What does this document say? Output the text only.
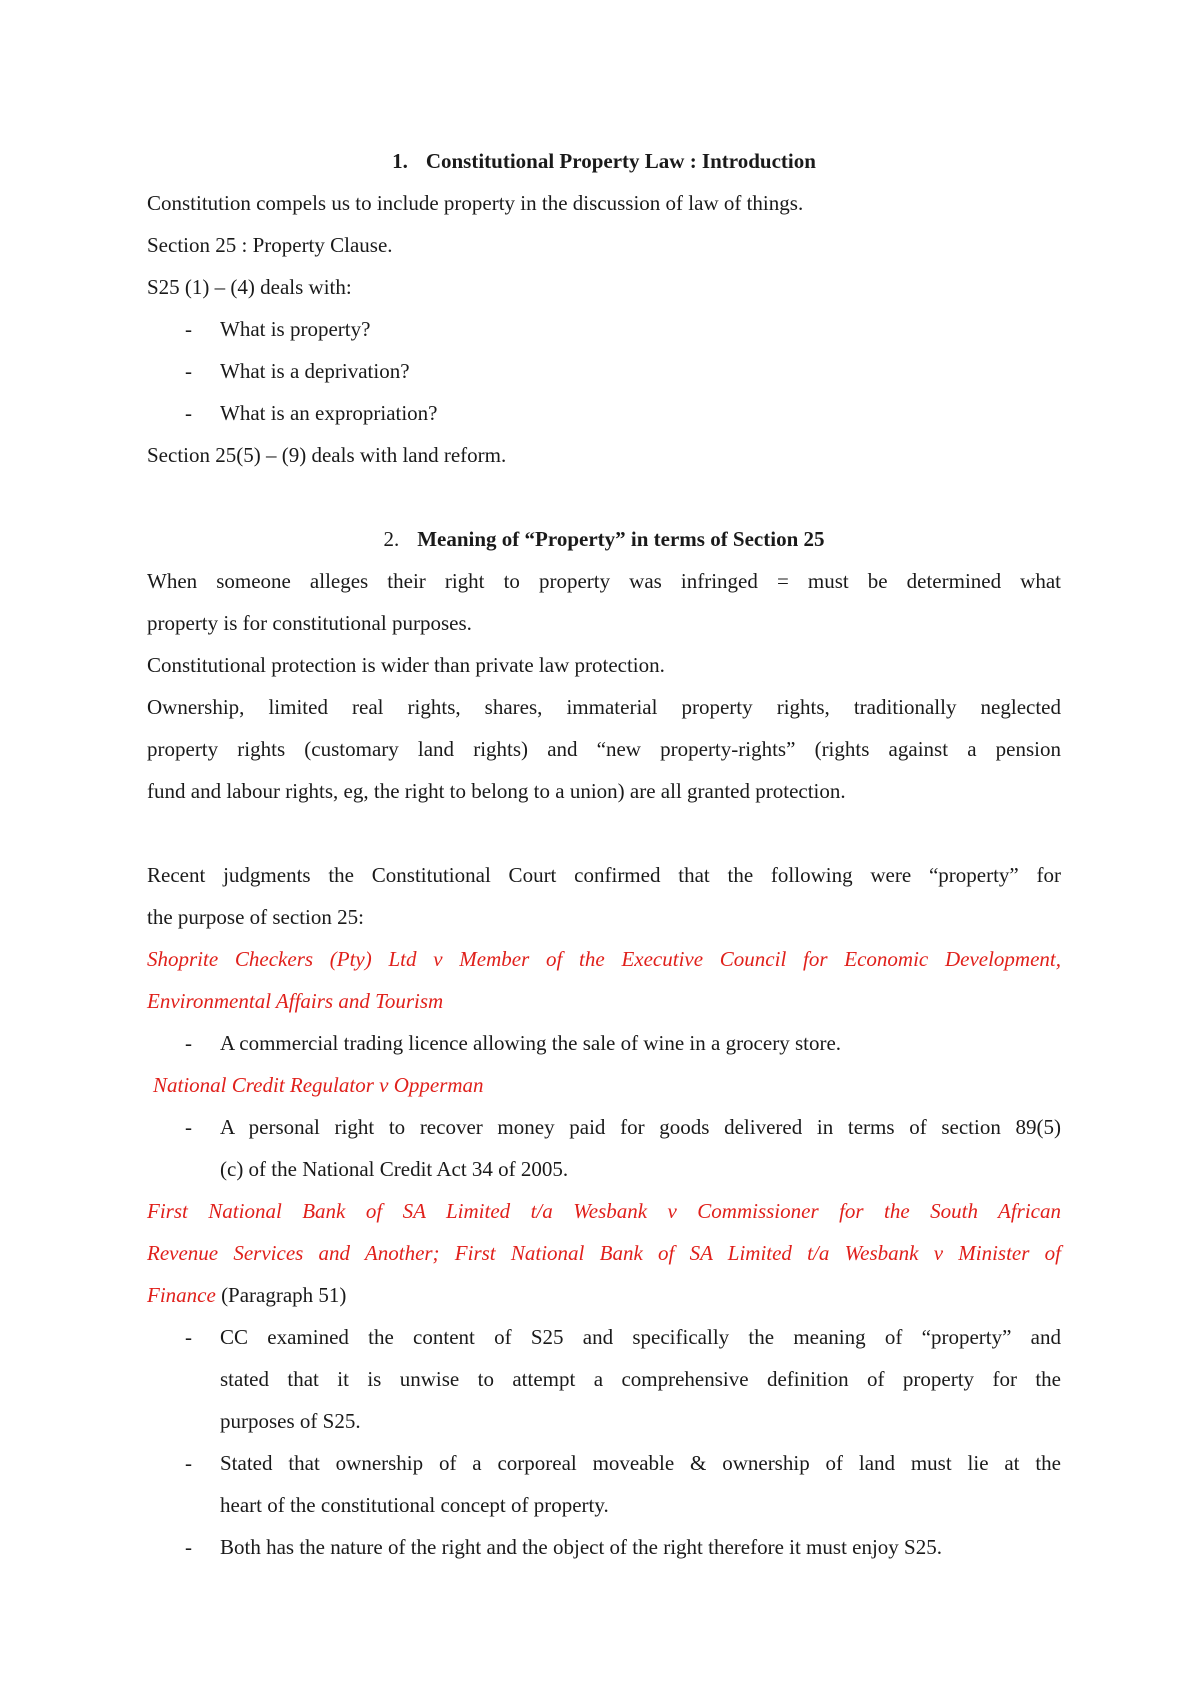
1. Constitutional Property Law : Introduction
Constitution compels us to include property in the discussion of law of things.
Section 25 : Property Clause.
S25 (1) – (4) deals with:
- What is property?
- What is a deprivation?
- What is an expropriation?
Section 25(5) – (9) deals with land reform.
2. Meaning of “Property” in terms of Section 25
When someone alleges their right to property was infringed = must be determined what
property is for constitutional purposes.
Constitutional protection is wider than private law protection.
Ownership, limited real rights, shares, immaterial property rights, traditionally neglected
property rights (customary land rights) and “new property-rights” (rights against a pension
fund and labour rights, eg, the right to belong to a union) are all granted protection.
Recent judgments the Constitutional Court confirmed that the following were “property” for
the purpose of section 25:
Shoprite Checkers (Pty) Ltd v Member of the Executive Council for Economic Development,
Environmental Affairs and Tourism
- A commercial trading licence allowing the sale of wine in a grocery store.
National Credit Regulator v Opperman
- A personal right to recover money paid for goods delivered in terms of section 89(5)
(c) of the National Credit Act 34 of 2005.
First National Bank of SA Limited t/a Wesbank v Commissioner for the South African
Revenue Services and Another; First National Bank of SA Limited t/a Wesbank v Minister of
Finance (Paragraph 51)
- CC examined the content of S25 and specifically the meaning of “property” and
stated that it is unwise to attempt a comprehensive definition of property for the
purposes of S25.
- Stated that ownership of a corporeal moveable & ownership of land must lie at the
heart of the constitutional concept of property.
- Both has the nature of the right and the object of the right therefore it must enjoy S25.
